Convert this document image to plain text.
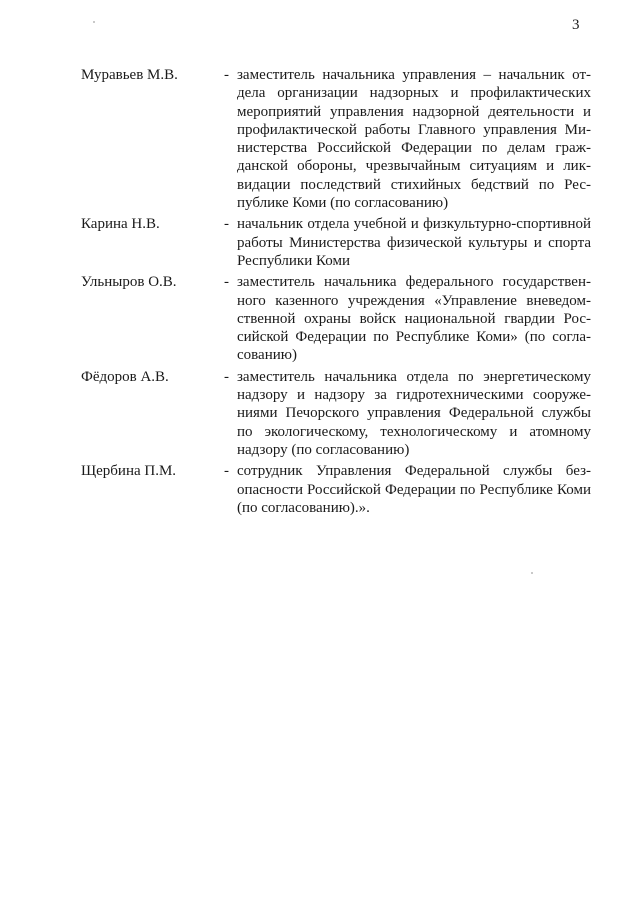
3
Муравьев М.В.	- заместитель начальника управления – начальник отдела организации надзорных и профилактических мероприятий управления надзорной деятельности и профилактической работы Главного управления Министерства Российской Федерации по делам гражданской обороны, чрезвычайным ситуациям и ликвидации последствий стихийных бедствий по Республике Коми (по согласованию)
Карина Н.В.	- начальник отдела учебной и физкультурно-спортивной работы Министерства физической культуры и спорта Республики Коми
Ульныров О.В.	- заместитель начальника федерального государственного казенного учреждения «Управление вневедомственной охраны войск национальной гвардии Российской Федерации по Республике Коми» (по согласованию)
Фёдоров А.В.	- заместитель начальника отдела по энергетическому надзору и надзору за гидротехническими сооружениями Печорского управления Федеральной службы по экологическому, технологическому и атомному надзору (по согласованию)
Щербина П.М.	- сотрудник Управления Федеральной службы безопасности Российской Федерации по Республике Коми (по согласованию).».
